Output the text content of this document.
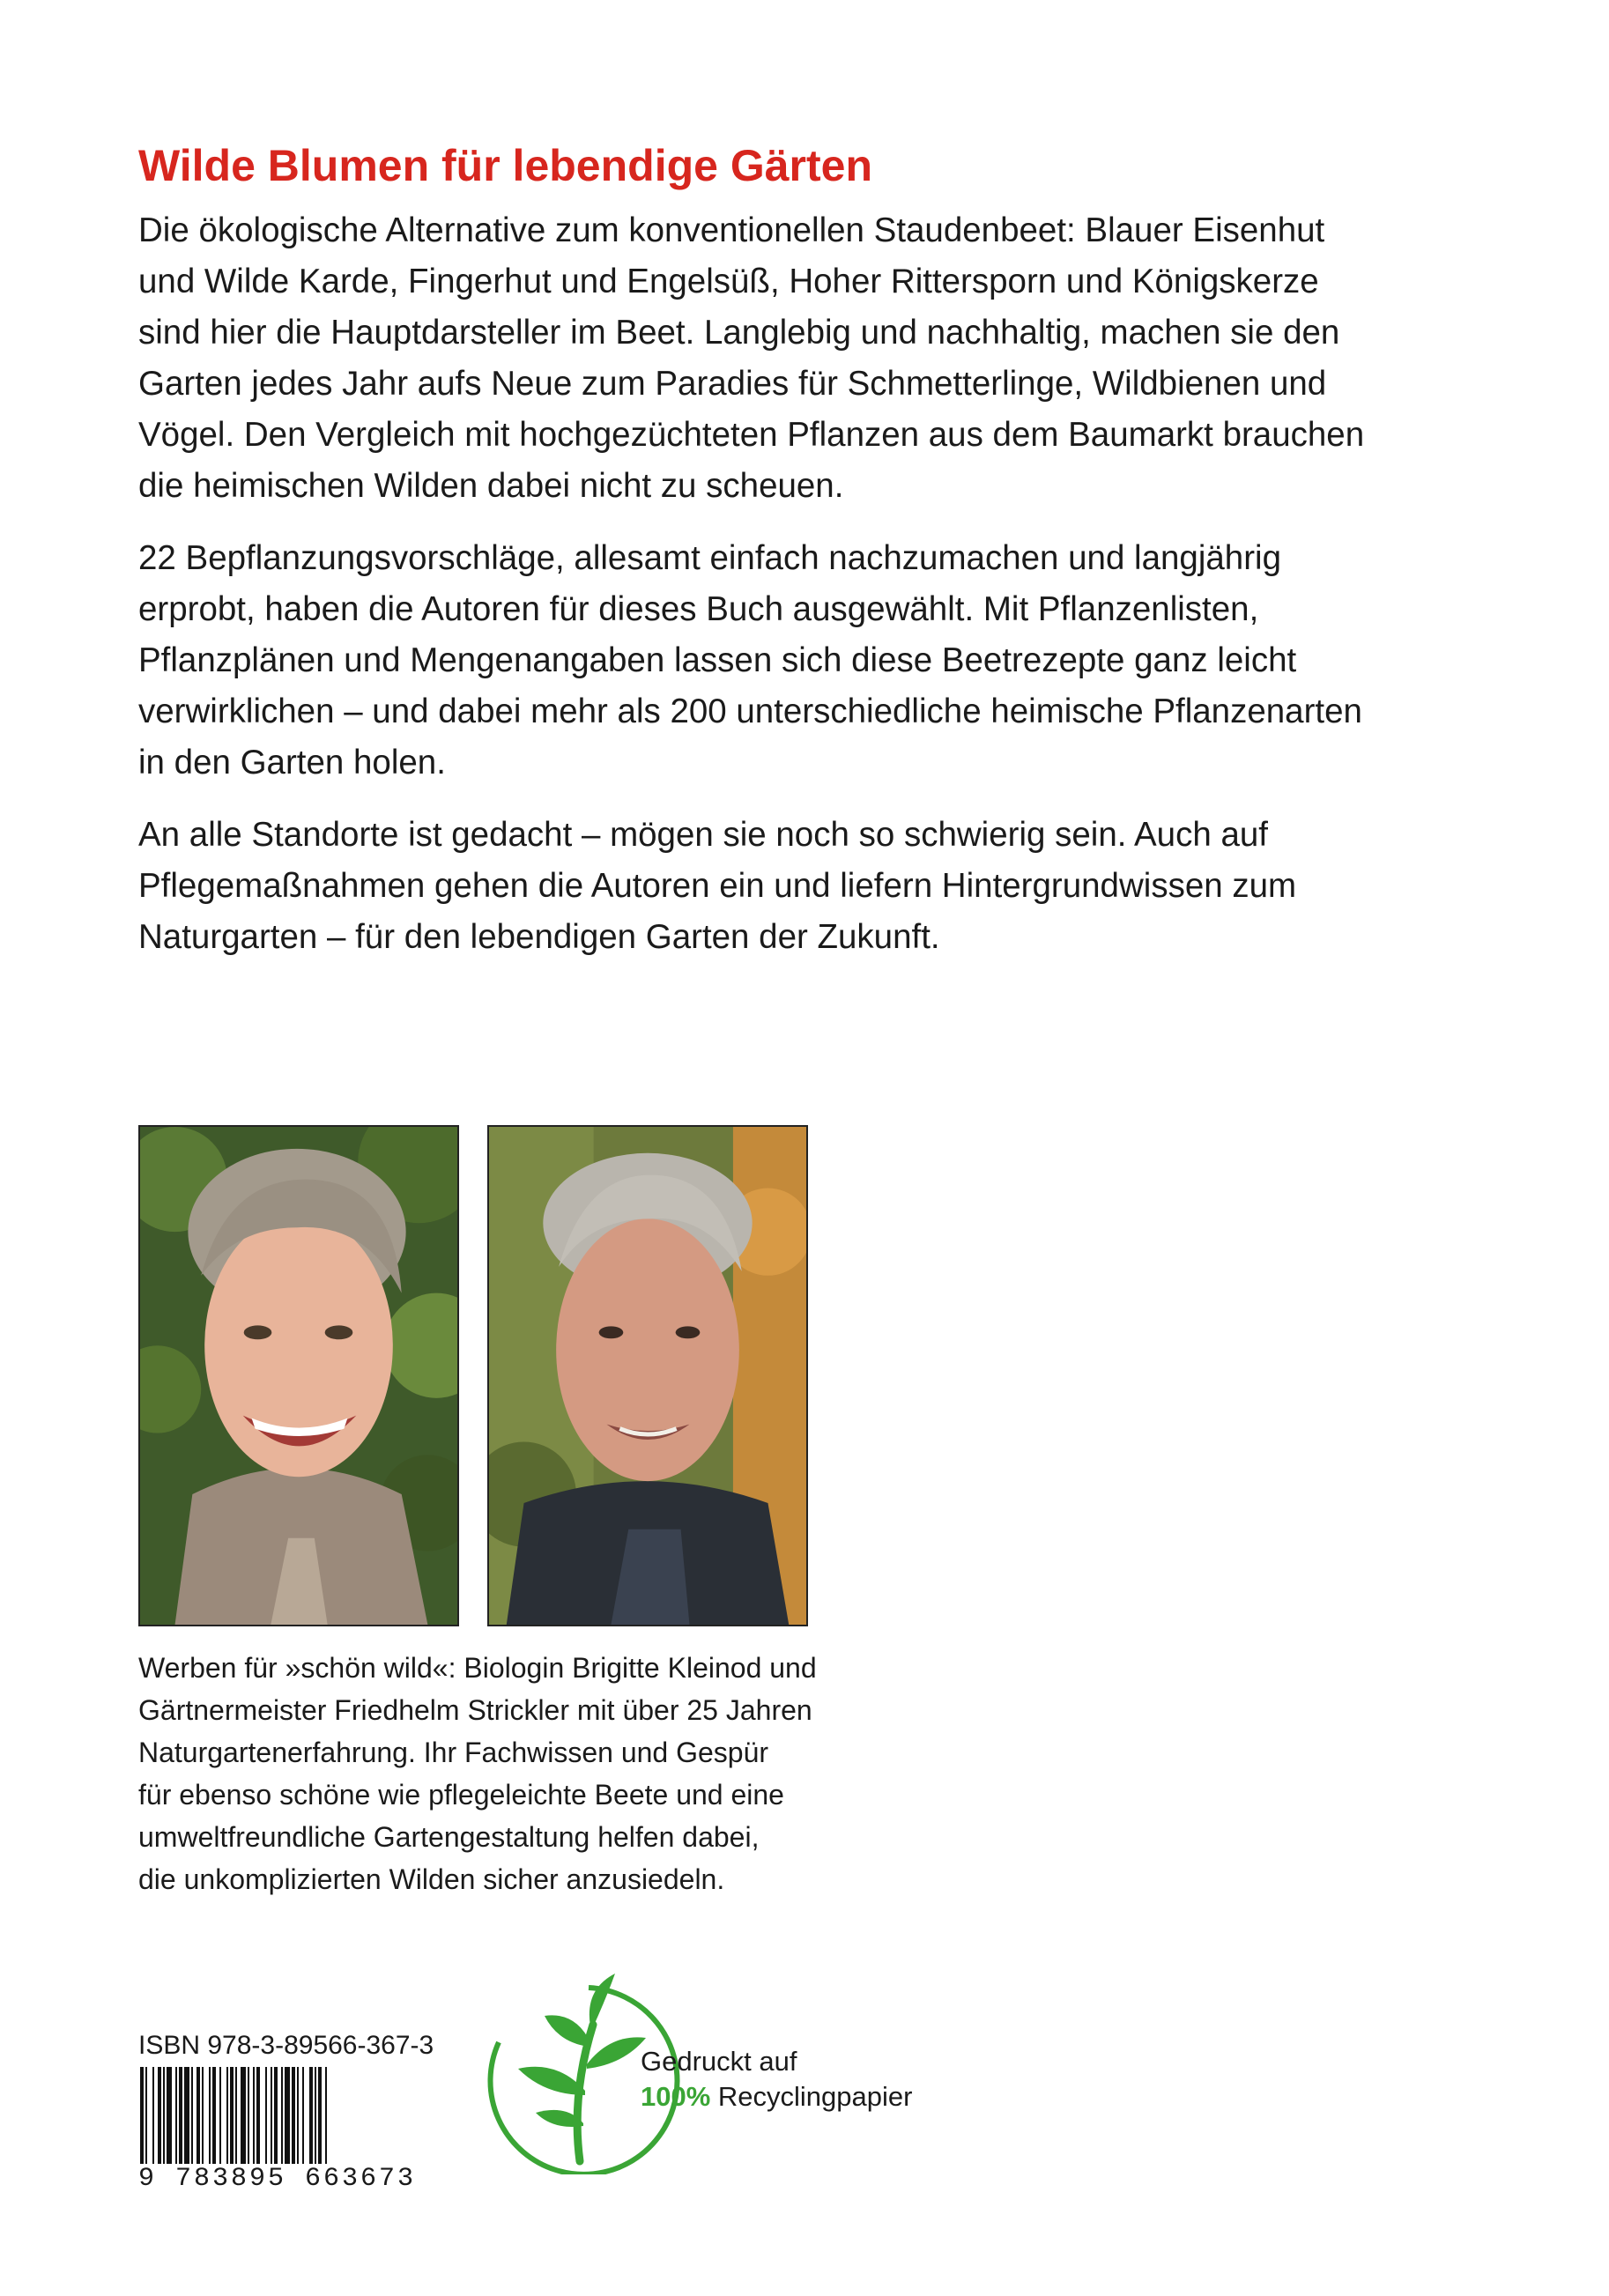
Wilde Blumen für lebendige Gärten

Die ökologische Alternative zum konventionellen Staudenbeet: Blauer Eisenhut
und Wilde Karde, Fingerhut und Engelsüß, Hoher Rittersporn und Königskerze
sind hier die Hauptdarsteller im Beet. Langlebig und nachhaltig, machen sie den
Garten jedes Jahr aufs Neue zum Paradies für Schmetterlinge, Wildbienen und
Vögel. Den Vergleich mit hochgezüchteten Pflanzen aus dem Baumarkt brauchen
die heimischen Wilden dabei nicht zu scheuen.

22 Bepflanzungsvorschläge, allesamt einfach nachzumachen und langjährig
erprobt, haben die Autoren für dieses Buch ausgewählt. Mit Pflanzenlisten,
Pflanzplänen und Mengenangaben lassen sich diese Beetrezepte ganz leicht
verwirklichen – und dabei mehr als 200 unterschiedliche heimische Pflanzenarten
in den Garten holen.

An alle Standorte ist gedacht – mögen sie noch so schwierig sein. Auch auf
Pflegemaßnahmen gehen die Autoren ein und liefern Hintergrundwissen zum
Naturgarten – für den lebendigen Garten der Zukunft.

Werben für »schön wild«: Biologin Brigitte Kleinod und
Gärtnermeister Friedhelm Strickler mit über 25 Jahren
Naturgartenerfahrung. Ihr Fachwissen und Gespür
für ebenso schöne wie pflegeleichte Beete und eine
umweltfreundliche Gartengestaltung helfen dabei,
die unkomplizierten Wilden sicher anzusiedeln.

ISBN 978-3-89566-367-3

9 783895 663673

Gedruckt auf

100% Recyclingpapier
